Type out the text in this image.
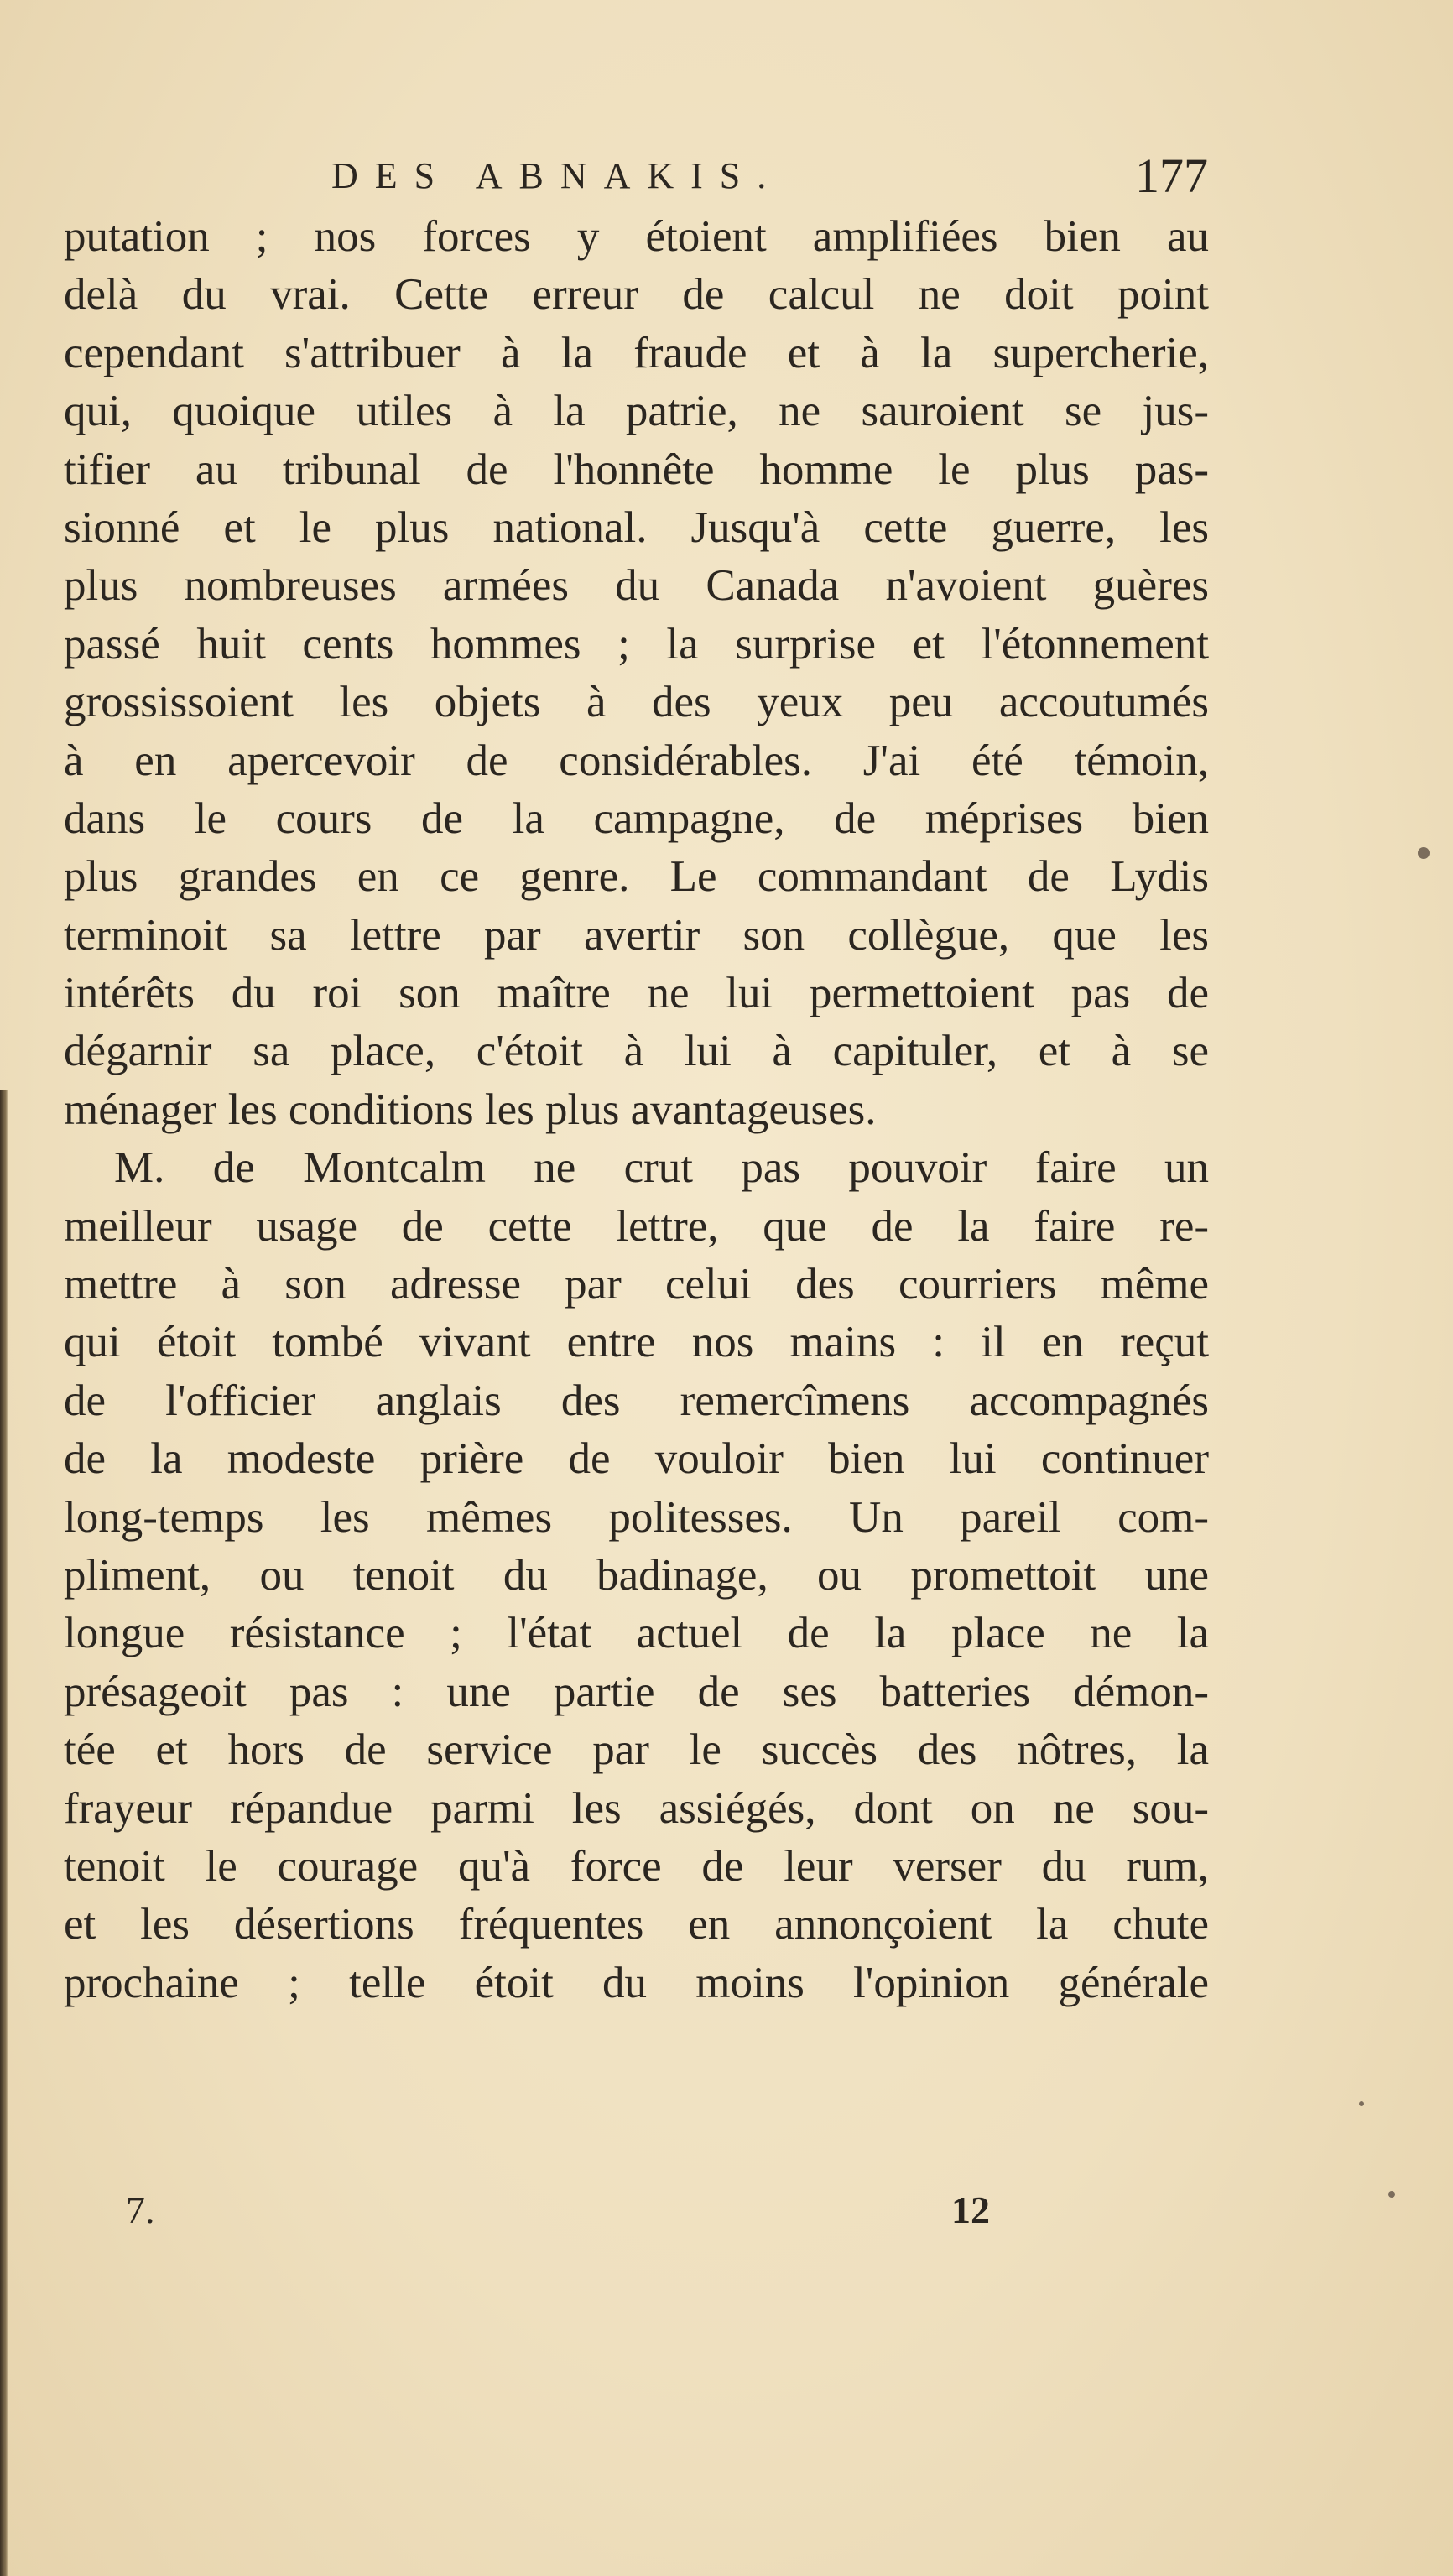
DES ABNAKIS.	177
putation ; nos forces y étoient amplifiées bien au
delà du vrai. Cette erreur de calcul ne doit point
cependant s'attribuer à la fraude et à la supercherie,
qui, quoique utiles à la patrie, ne sauroient se jus-
tifier au tribunal de l'honnête homme le plus pas-
sionné et le plus national. Jusqu'à cette guerre, les
plus nombreuses armées du Canada n'avoient guères
passé huit cents hommes ; la surprise et l'étonnement
grossissoient les objets à des yeux peu accoutumés
à en apercevoir de considérables. J'ai été témoin,
dans le cours de la campagne, de méprises bien
plus grandes en ce genre. Le commandant de Lydis
terminoit sa lettre par avertir son collègue, que les
intérêts du roi son maître ne lui permettoient pas de
dégarnir sa place, c'étoit à lui à capituler, et à se
ménager les conditions les plus avantageuses.
M. de Montcalm ne crut pas pouvoir faire un
meilleur usage de cette lettre, que de la faire re-
mettre à son adresse par celui des courriers même
qui étoit tombé vivant entre nos mains : il en reçut
de l'officier anglais des remercîmens accompagnés
de la modeste prière de vouloir bien lui continuer
long-temps les mêmes politesses. Un pareil com-
pliment, ou tenoit du badinage, ou promettoit une
longue résistance ; l'état actuel de la place ne la
présageoit pas : une partie de ses batteries démon-
tée et hors de service par le succès des nôtres, la
frayeur répandue parmi les assiégés, dont on ne sou-
tenoit le courage qu'à force de leur verser du rum,
et les désertions fréquentes en annonçoient la chute
prochaine ; telle étoit du moins l'opinion générale
7.	12
